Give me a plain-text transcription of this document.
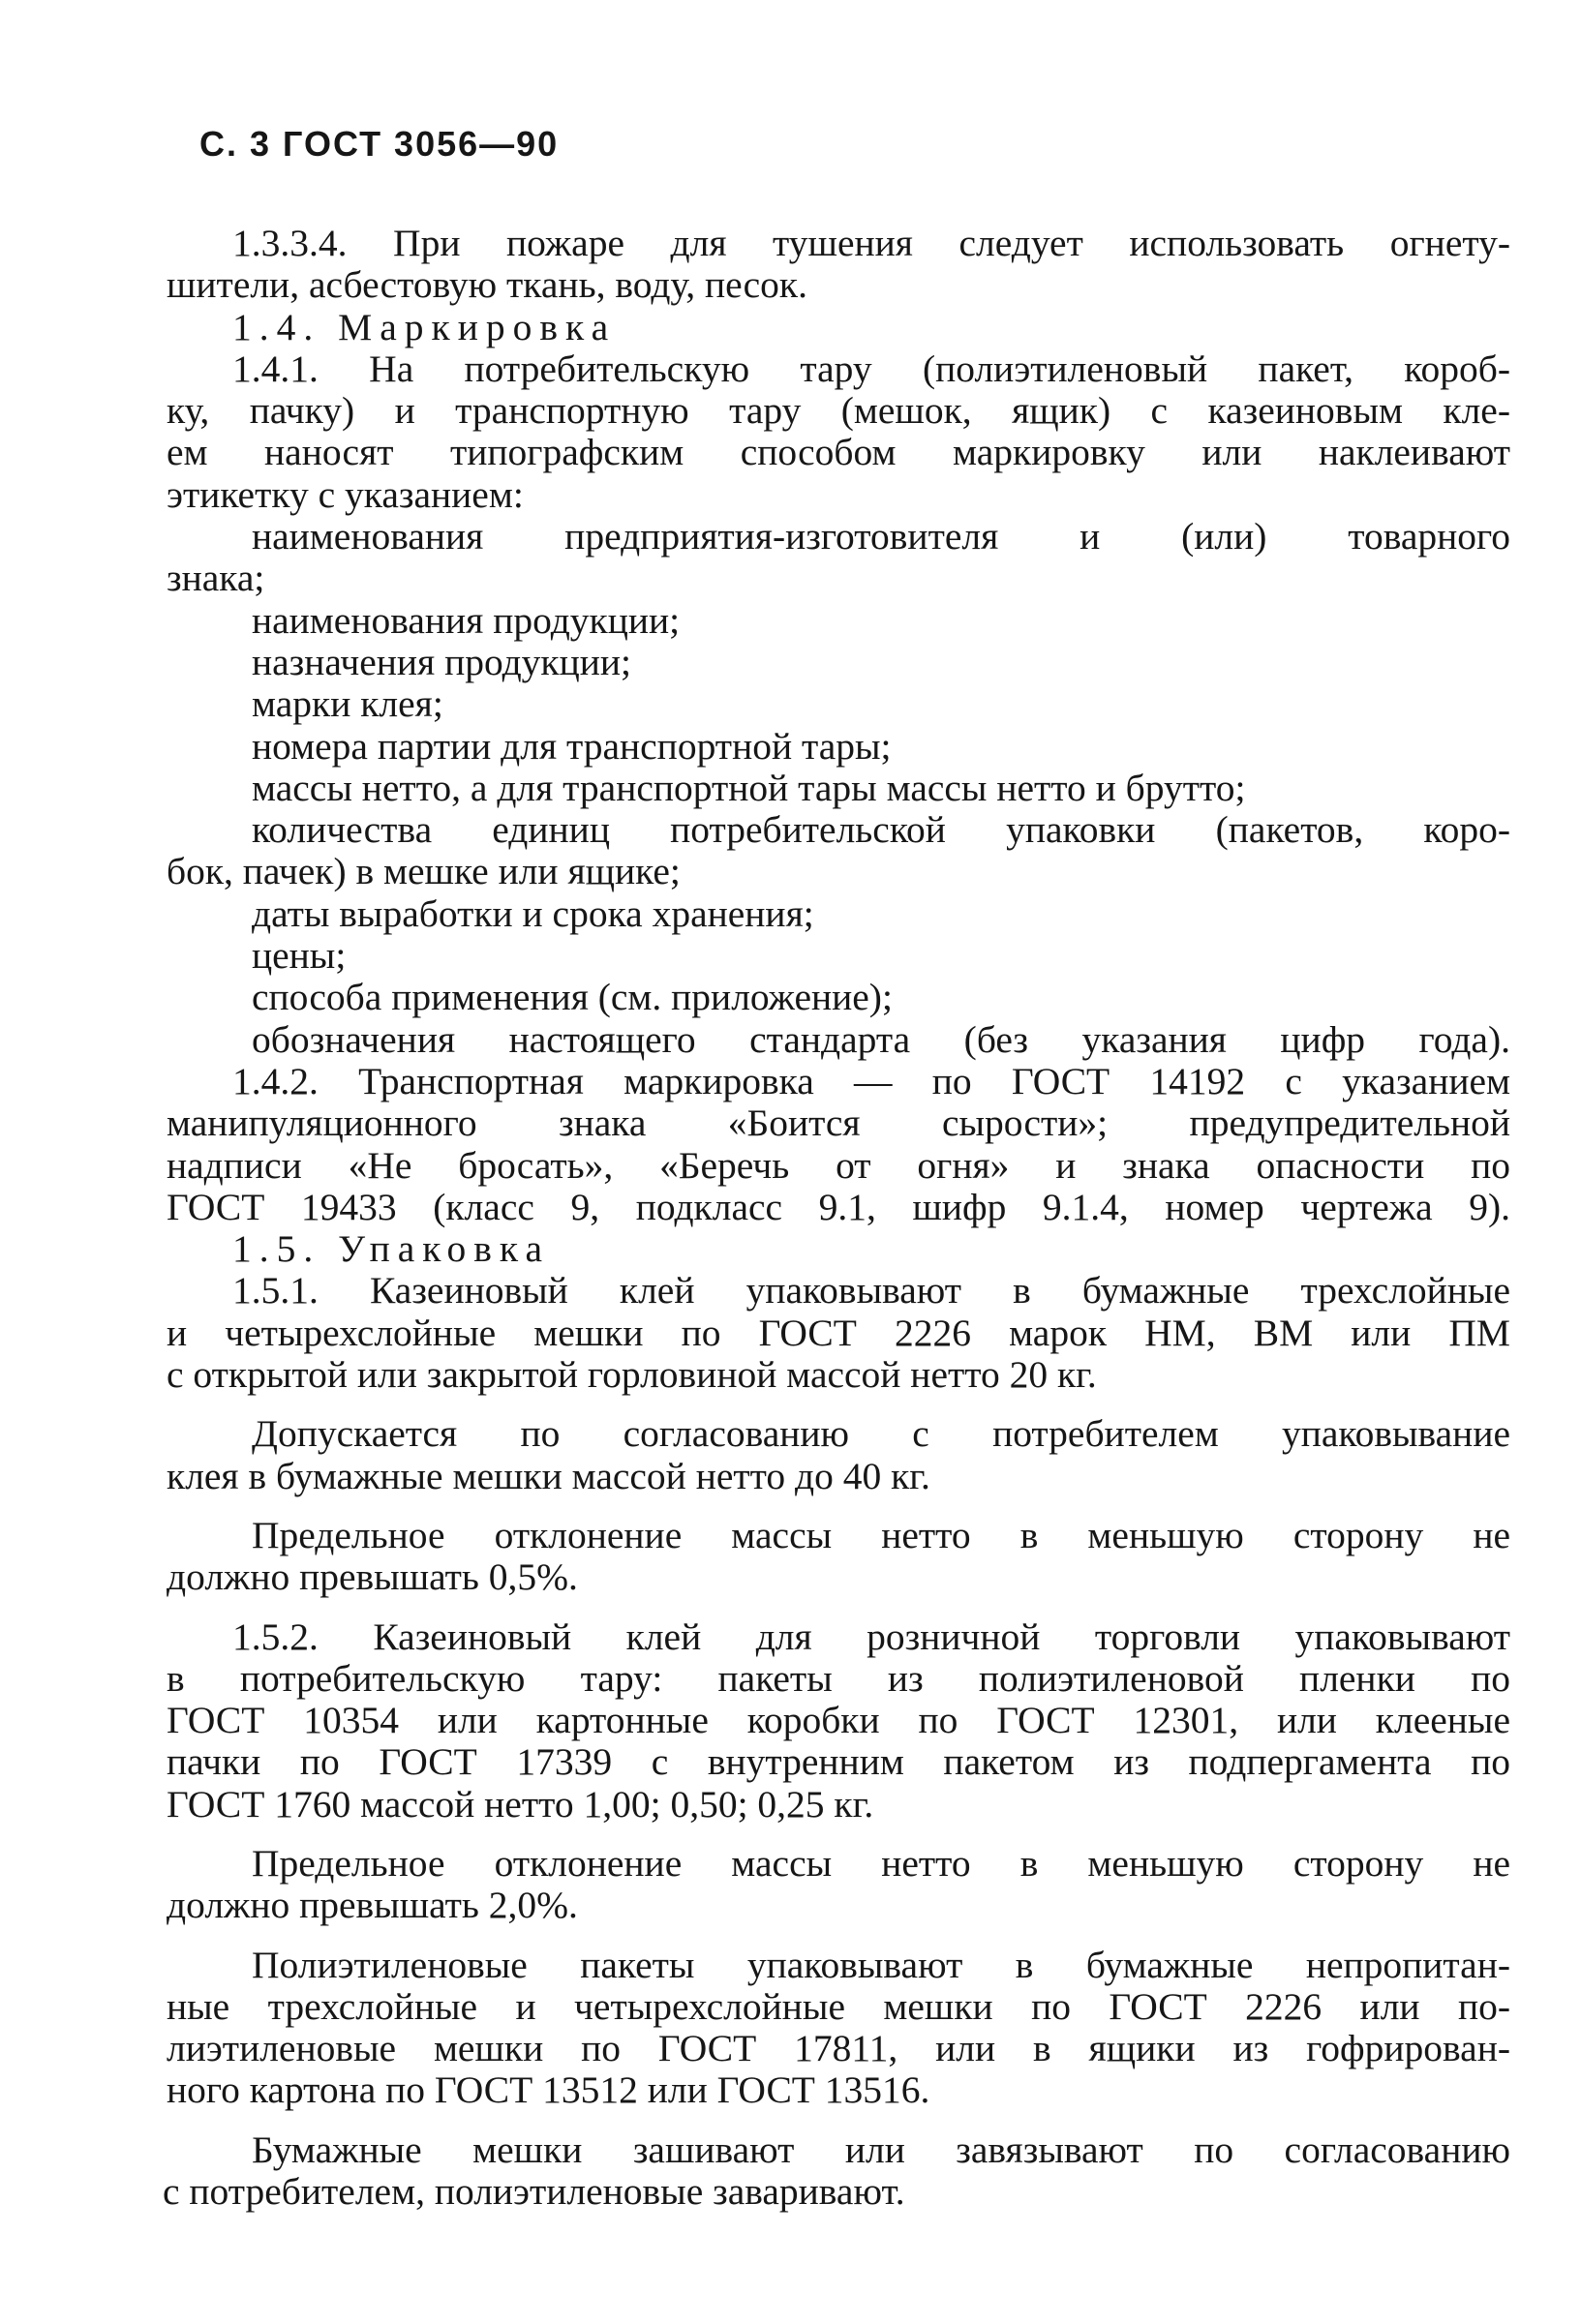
С. 3 ГОСТ 3056—90
1.3.3.4. При пожаре для тушения следует использовать огнету-
шители, асбестовую ткань, воду, песок.
1.4. Маркировка
1.4.1. На потребительскую тару (полиэтиленовый пакет, короб-
ку, пачку) и транспортную тару (мешок, ящик) с казеиновым кле-
ем наносят типографским способом маркировку или наклеивают
этикетку с указанием:
наименования предприятия-изготовителя и (или) товарного
знака;
наименования продукции;
назначения продукции;
марки клея;
номера партии для транспортной тары;
массы нетто, а для транспортной тары массы нетто и брутто;
количества единиц потребительской упаковки (пакетов, коро-
бок, пачек) в мешке или ящике;
даты выработки и срока хранения;
цены;
способа применения (см. приложение);
обозначения настоящего стандарта (без указания цифр года).
1.4.2. Транспортная маркировка — по ГОСТ 14192 с указанием
манипуляционного знака «Боится сырости»; предупредительной
надписи «Не бросать», «Беречь от огня» и знака опасности по
ГОСТ 19433 (класс 9, подкласс 9.1, шифр 9.1.4, номер чертежа 9).
1.5. Упаковка
1.5.1. Казеиновый клей упаковывают в бумажные трехслойные
и четырехслойные мешки по ГОСТ 2226 марок НМ, ВМ или ПМ
с открытой или закрытой горловиной массой нетто 20 кг.
Допускается по согласованию с потребителем упаковывание
клея в бумажные мешки массой нетто до 40 кг.
Предельное отклонение массы нетто в меньшую сторону не
должно превышать 0,5%.
1.5.2. Казеиновый клей для розничной торговли упаковывают
в потребительскую тару: пакеты из полиэтиленовой пленки по
ГОСТ 10354 или картонные коробки по ГОСТ 12301, или клееные
пачки по ГОСТ 17339 с внутренним пакетом из подпергамента по
ГОСТ 1760 массой нетто 1,00; 0,50; 0,25 кг.
Предельное отклонение массы нетто в меньшую сторону не
должно превышать 2,0%.
Полиэтиленовые пакеты упаковывают в бумажные непропитан-
ные трехслойные и четырехслойные мешки по ГОСТ 2226 или по-
лиэтиленовые мешки по ГОСТ 17811, или в ящики из гофрирован-
ного картона по ГОСТ 13512 или ГОСТ 13516.
Бумажные мешки зашивают или завязывают по согласованию
с потребителем, полиэтиленовые заваривают.
